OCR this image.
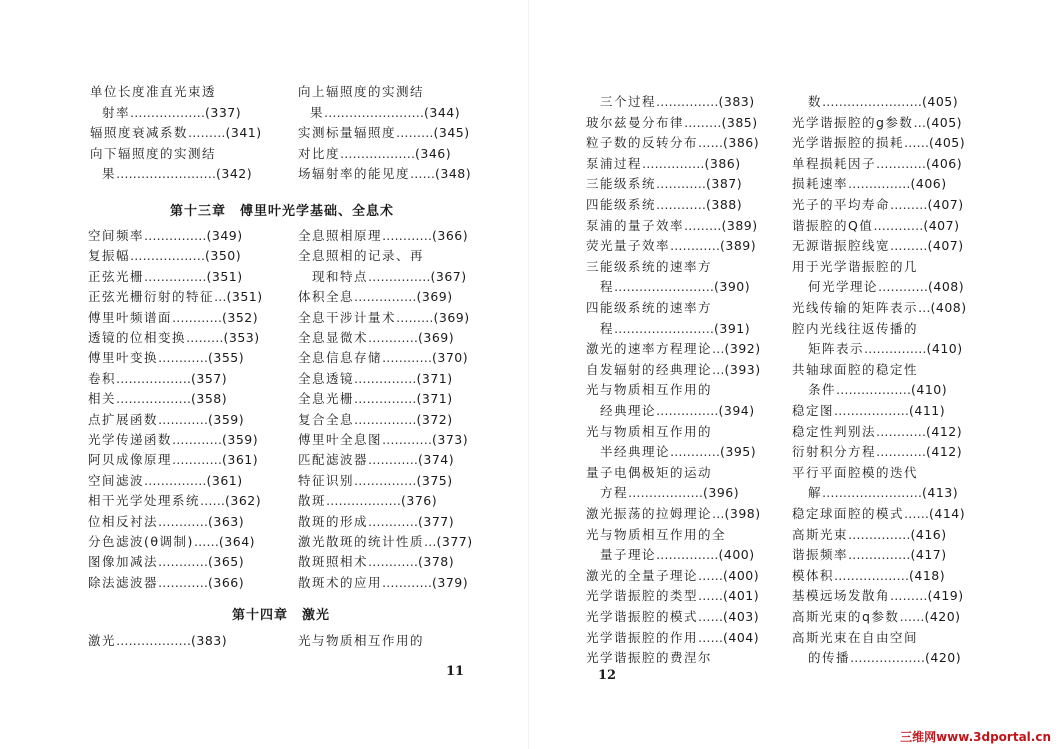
单位长度准直光束透
射率………………(337)
辐照度衰减系数………(341)
向下辐照度的实测结
果……………………(342)
向上辐照度的实测结
果……………………(344)
实测标量辐照度………(345)
对比度………………(346)
场辐射率的能见度……(348)
第十三章　傅里叶光学基础、全息术
空间频率……………(349)
复振幅………………(350)
正弦光栅……………(351)
正弦光栅衍射的特征…(351)
傅里叶频谱面…………(352)
透镜的位相变换………(353)
傅里叶变换…………(355)
卷积………………(357)
相关………………(358)
点扩展函数…………(359)
光学传递函数…………(359)
阿贝成像原理…………(361)
空间滤波……………(361)
相干光学处理系统……(362)
位相反衬法…………(363)
分色滤波(θ调制)……(364)
图像加减法…………(365)
除法滤波器…………(366)
全息照相原理…………(366)
全息照相的记录、再
现和特点……………(367)
体积全息……………(369)
全息干涉计量术………(369)
全息显微术…………(369)
全息信息存储…………(370)
全息透镜……………(371)
全息光栅……………(371)
复合全息……………(372)
傅里叶全息图…………(373)
匹配滤波器…………(374)
特征识别……………(375)
散斑………………(376)
散斑的形成…………(377)
激光散斑的统计性质…(377)
散斑照相术…………(378)
散斑术的应用…………(379)
第十四章　激光
激光………………(383)	光与物质相互作用的
11
三个过程……………(383)
玻尔兹曼分布律………(385)
粒子数的反转分布……(386)
泵浦过程……………(386)
三能级系统…………(387)
四能级系统…………(388)
泵浦的量子效率………(389)
荧光量子效率…………(389)
三能级系统的速率方
程……………………(390)
四能级系统的速率方
程……………………(391)
激光的速率方程理论…(392)
自发辐射的经典理论…(393)
光与物质相互作用的
经典理论……………(394)
光与物质相互作用的
半经典理论…………(395)
量子电偶极矩的运动
方程………………(396)
激光振荡的拉姆理论…(398)
光与物质相互作用的全
量子理论……………(400)
激光的全量子理论……(400)
光学谐振腔的类型……(401)
光学谐振腔的模式……(403)
光学谐振腔的作用……(404)
光学谐振腔的费涅尔
数……………………(405)
光学谐振腔的g参数…(405)
光学谐振腔的损耗……(405)
单程损耗因子…………(406)
损耗速率……………(406)
光子的平均寿命………(407)
谐振腔的Q值…………(407)
无源谐振腔线宽………(407)
用于光学谐振腔的几
何光学理论…………(408)
光线传输的矩阵表示…(408)
腔内光线往返传播的
矩阵表示……………(410)
共轴球面腔的稳定性
条件………………(410)
稳定图………………(411)
稳定性判别法…………(412)
衍射积分方程…………(412)
平行平面腔模的迭代
解……………………(413)
稳定球面腔的模式……(414)
高斯光束……………(416)
谐振频率……………(417)
模体积………………(418)
基模远场发散角………(419)
高斯光束的q参数……(420)
高斯光束在自由空间
的传播………………(420)
12
三维网www.3dportal.cn
